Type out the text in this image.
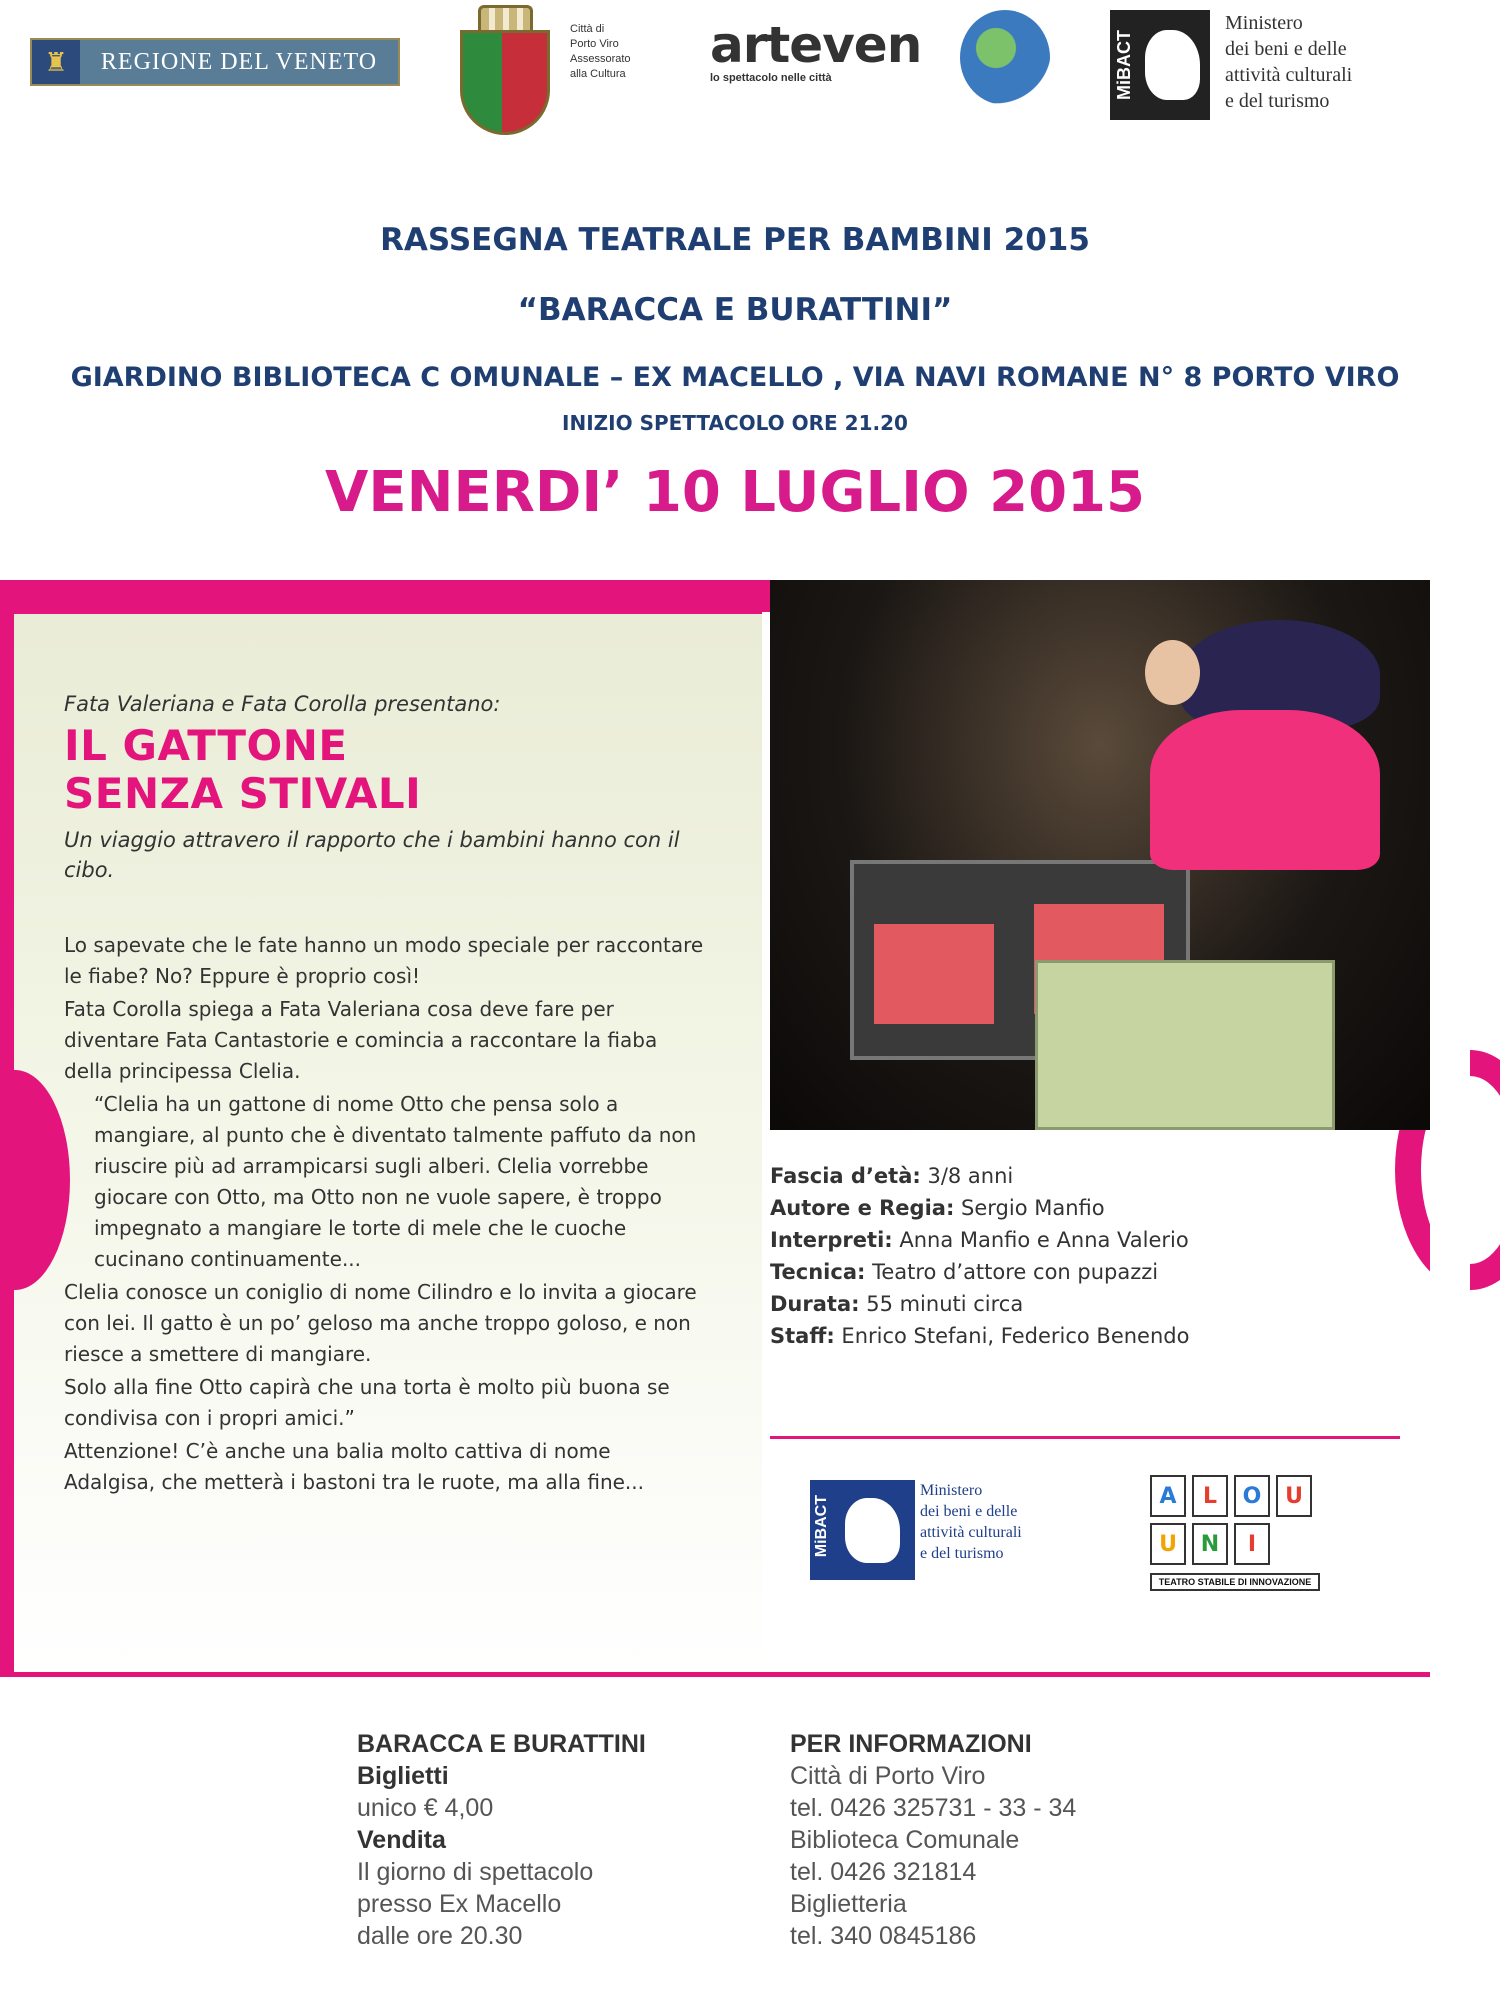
♜	REGIONE DEL VENETO
Città di
Porto Viro
Assessorato
alla Cultura	arteven
lo spettacolo nelle città	MiBACT
Ministero
dei beni e delle
attività culturali
e del turismo
RASSEGNA TEATRALE PER BAMBINI 2015
“BARACCA E BURATTINI”
GIARDINO BIBLIOTECA C OMUNALE – EX MACELLO , VIA NAVI ROMANE N° 8 PORTO VIRO
INIZIO SPETTACOLO ORE 21.20
VENERDI’ 10 LUGLIO 2015
Fata Valeriana e Fata Corolla presentano:
IL GATTONE
SENZA STIVALI
Un viaggio attravero il rapporto che i bambini hanno con il cibo.

Lo sapevate che le fate hanno un modo speciale per raccontare le fiabe? No? Eppure è proprio così!

Fata Corolla spiega a Fata Valeriana cosa deve fare per diventare Fata Cantastorie e comincia a raccontare la fiaba della principessa Clelia.

“Clelia ha un gattone di nome Otto che pensa solo a mangiare, al punto che è diventato talmente paffuto da non riuscire più ad arrampicarsi sugli alberi. Clelia vorrebbe giocare con Otto, ma Otto non ne vuole sapere, è troppo impegnato a mangiare le torte di mele che le cuoche cucinano continuamente...

Clelia conosce un coniglio di nome Cilindro e lo invita a giocare con lei. Il gatto è un po’ geloso ma anche troppo goloso, e non riesce a smettere di mangiare.

Solo alla fine Otto capirà che una torta è molto più buona se condivisa con i propri amici.”

Attenzione! C’è anche una balia molto cattiva di nome Adalgisa, che metterà i bastoni tra le ruote, ma alla fine...

Fascia d’età: 3/8 anni
Autore e Regia: Sergio Manfio
Interpreti: Anna Manfio e Anna Valerio
Tecnica: Teatro d’attore con pupazzi
Durata: 55 minuti circa
Staff: Enrico Stefani, Federico Benendo
MiBACT
Ministero
dei beni e delle
attività culturali
e del turismo
A	L	O	U
U	N	I
TEATRO STABILE DI INNOVAZIONE
BARACCA E BURATTINI
Biglietti
unico € 4,00
Vendita
Il giorno di spettacolo
presso Ex Macello
dalle ore 20.30
PER INFORMAZIONI
Città di Porto Viro
tel. 0426 325731 - 33 - 34
Biblioteca Comunale
tel. 0426 321814
Biglietteria
tel. 340 0845186
